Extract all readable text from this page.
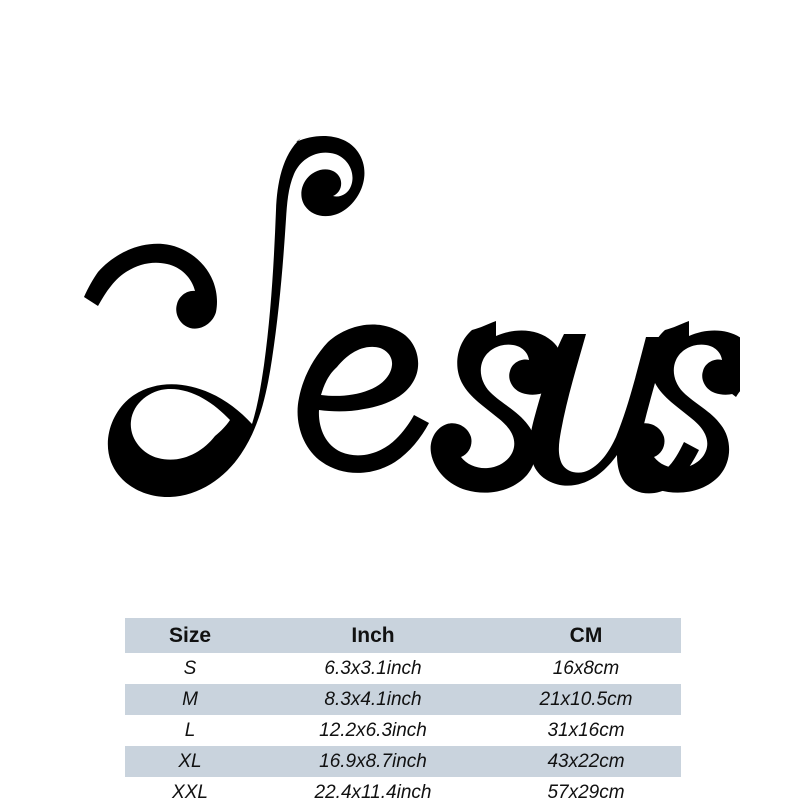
Size	Inch	CM
S	6.3x3.1inch	16x8cm
M	8.3x4.1inch	21x10.5cm
L	12.2x6.3inch	31x16cm
XL	16.9x8.7inch	43x22cm
XXL	22.4x11.4inch	57x29cm
